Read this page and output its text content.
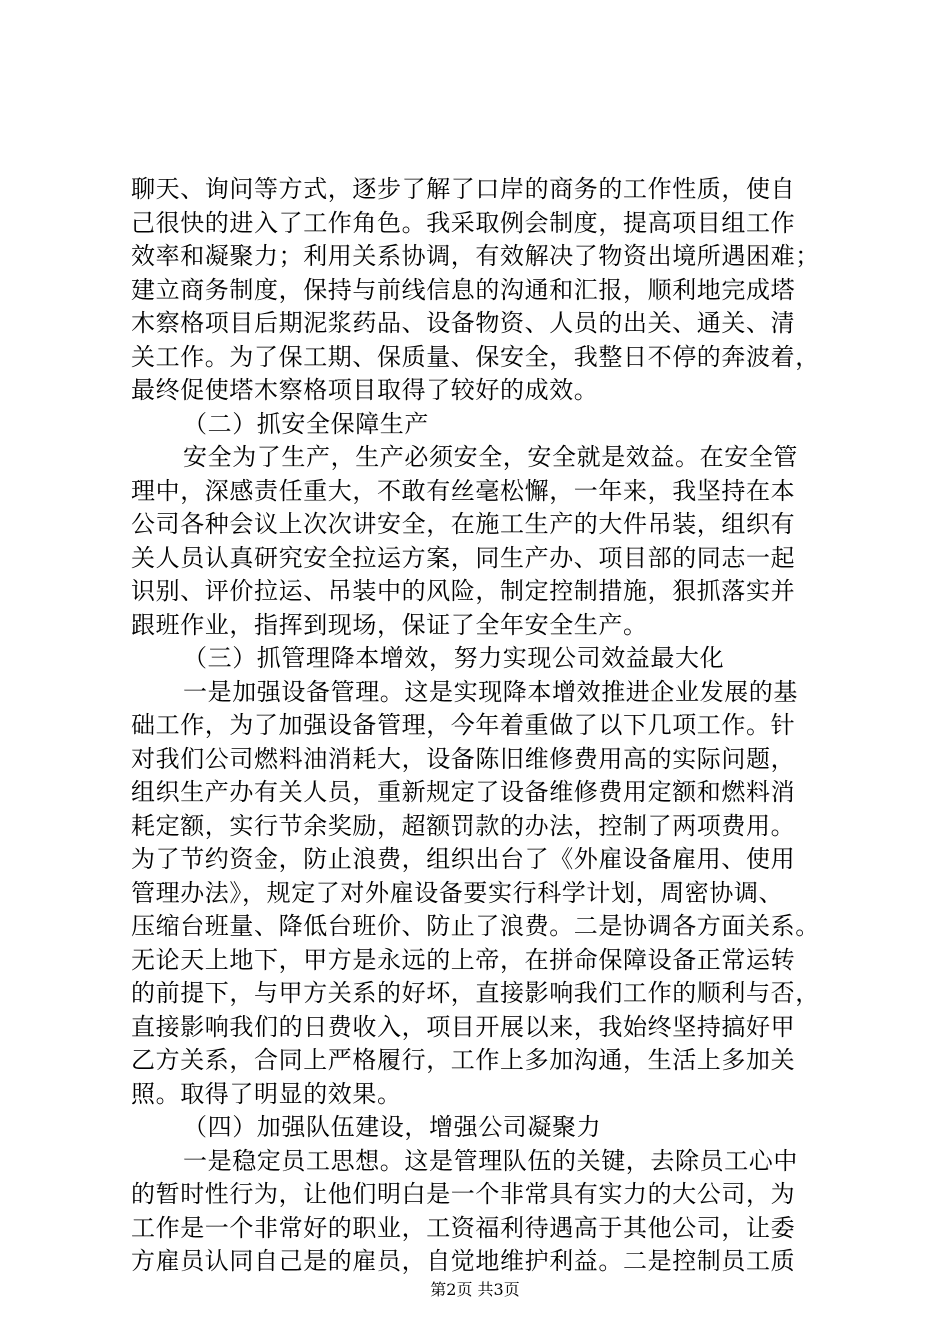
聊天、询问等方式，逐步了解了口岸的商务的工作性质，使自
己很快的进入了工作角色。我采取例会制度，提高项目组工作
效率和凝聚力；利用关系协调，有效解决了物资出境所遇困难；
建立商务制度，保持与前线信息的沟通和汇报，顺利地完成塔
木察格项目后期泥浆药品、设备物资、人员的出关、通关、清
关工作。为了保工期、保质量、保安全，我整日不停的奔波着，
最终促使塔木察格项目取得了较好的成效。
（二）抓安全保障生产
安全为了生产，生产必须安全，安全就是效益。在安全管
理中，深感责任重大，不敢有丝毫松懈，一年来，我坚持在本
公司各种会议上次次讲安全，在施工生产的大件吊装，组织有
关人员认真研究安全拉运方案，同生产办、项目部的同志一起
识别、评价拉运、吊装中的风险，制定控制措施，狠抓落实并
跟班作业，指挥到现场，保证了全年安全生产。
（三）抓管理降本增效，努力实现公司效益最大化
一是加强设备管理。这是实现降本增效推进企业发展的基
础工作，为了加强设备管理，今年着重做了以下几项工作。针
对我们公司燃料油消耗大，设备陈旧维修费用高的实际问题，
组织生产办有关人员，重新规定了设备维修费用定额和燃料消
耗定额，实行节余奖励，超额罚款的办法，控制了两项费用。
为了节约资金，防止浪费，组织出台了《外雇设备雇用、使用
管理办法》，规定了对外雇设备要实行科学计划，周密协调、
压缩台班量、降低台班价、防止了浪费。二是协调各方面关系。
无论天上地下，甲方是永远的上帝，在拼命保障设备正常运转
的前提下，与甲方关系的好坏，直接影响我们工作的顺利与否，
直接影响我们的日费收入，项目开展以来，我始终坚持搞好甲
乙方关系，合同上严格履行，工作上多加沟通，生活上多加关
照。取得了明显的效果。
（四）加强队伍建设，增强公司凝聚力
一是稳定员工思想。这是管理队伍的关键，去除员工心中
的暂时性行为，让他们明白是一个非常具有实力的大公司，为
工作是一个非常好的职业，工资福利待遇高于其他公司，让委
方雇员认同自己是的雇员，自觉地维护利益。二是控制员工质
第2页 共3页
